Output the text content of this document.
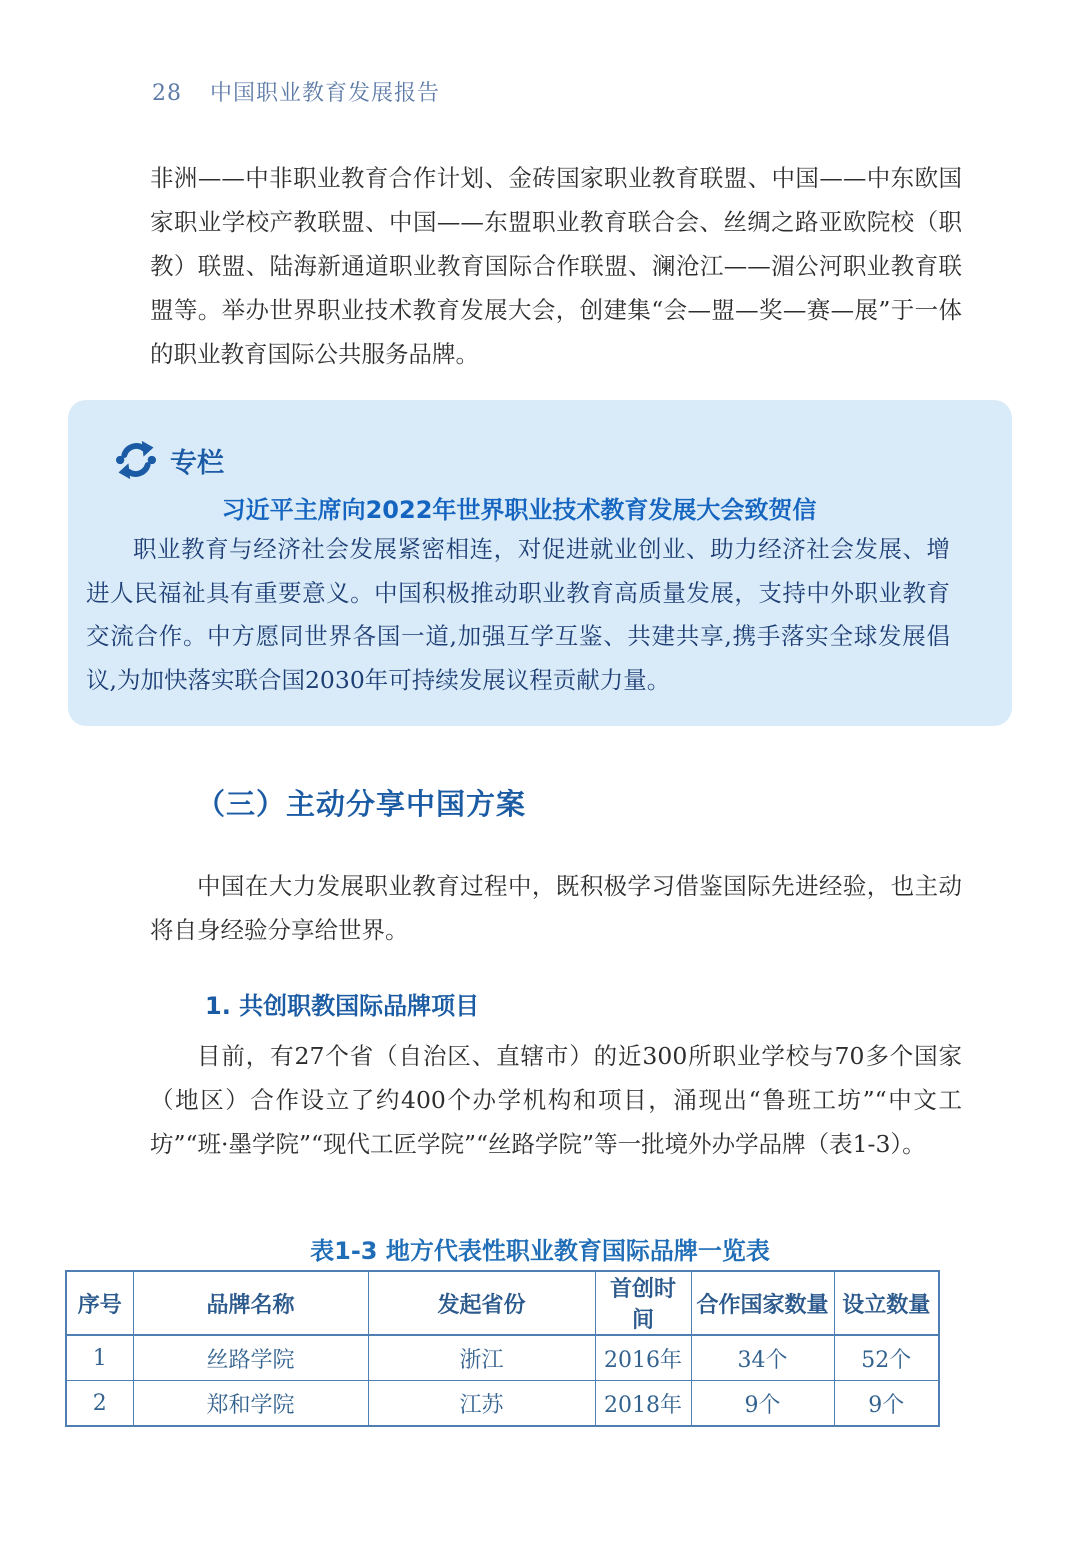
28 中国职业教育发展报告
非洲——中非职业教育合作计划、金砖国家职业教育联盟、中国——中东欧国家职业学校产教联盟、中国——东盟职业教育联合会、丝绸之路亚欧院校（职教）联盟、陆海新通道职业教育国际合作联盟、澜沧江——湄公河职业教育联盟等。举办世界职业技术教育发展大会，创建集“会—盟—奖—赛—展”于一体的职业教育国际公共服务品牌。
专栏
习近平主席向2022年世界职业技术教育发展大会致贺信
职业教育与经济社会发展紧密相连，对促进就业创业、助力经济社会发展、增进人民福祉具有重要意义。中国积极推动职业教育高质量发展，支持中外职业教育交流合作。中方愿同世界各国一道,加强互学互鉴、共建共享,携手落实全球发展倡议,为加快落实联合国2030年可持续发展议程贡献力量。
（三）主动分享中国方案
中国在大力发展职业教育过程中，既积极学习借鉴国际先进经验，也主动将自身经验分享给世界。
1. 共创职教国际品牌项目
目前，有27个省（自治区、直辖市）的近300所职业学校与70多个国家（地区）合作设立了约400个办学机构和项目，涌现出“鲁班工坊”“中文工坊”“班·墨学院”“现代工匠学院”“丝路学院”等一批境外办学品牌（表1-3）。
表1-3 地方代表性职业教育国际品牌一览表
序号	品牌名称	发起省份	首创时间	合作国家数量	设立数量
1	丝路学院	浙江	2016年	34个	52个
2	郑和学院	江苏	2018年	9个	9个
